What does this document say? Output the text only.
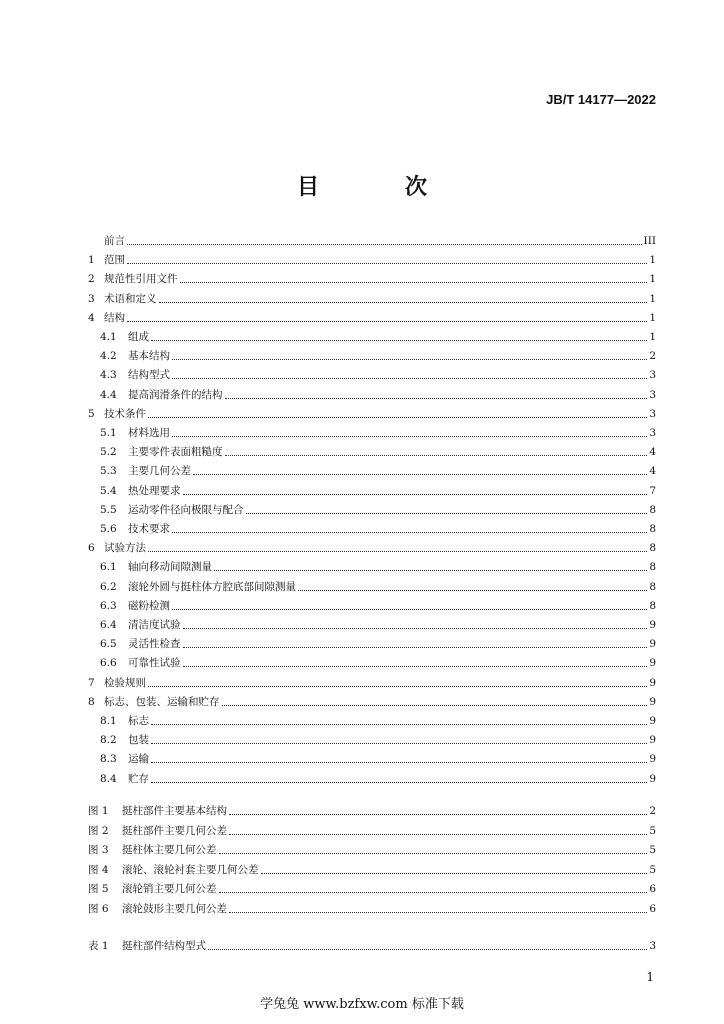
JB/T 14177—2022
目　次
前言	III
1 范围	1
2 规范性引用文件	1
3 术语和定义	1
4 结构	1
4.1	组成	1
4.2	基本结构	2
4.3	结构型式	3
4.4	提高润滑条件的结构	3
5 技术条件	3
5.1	材料选用	3
5.2	主要零件表面粗糙度	4
5.3	主要几何公差	4
5.4	热处理要求	7
5.5	运动零件径向极限与配合	8
5.6	技术要求	8
6 试验方法	8
6.1	轴向移动间隙测量	8
6.2	滚轮外圆与挺柱体方腔底部间隙测量	8
6.3	磁粉检测	8
6.4	清洁度试验	9
6.5	灵活性检查	9
6.6	可靠性试验	9
7 检验规则	9
8 标志、包装、运输和贮存	9
8.1	标志	9
8.2	包装	9
8.3	运输	9
8.4	贮存	9
图 1	挺柱部件主要基本结构	2
图 2	挺柱部件主要几何公差	5
图 3	挺柱体主要几何公差	5
图 4	滚轮、滚轮衬套主要几何公差	5
图 5	滚轮销主要几何公差	6
图 6	滚轮鼓形主要几何公差	6
表 1	挺柱部件结构型式	3
1
学兔兔 www.bzfxw.com 标准下载
